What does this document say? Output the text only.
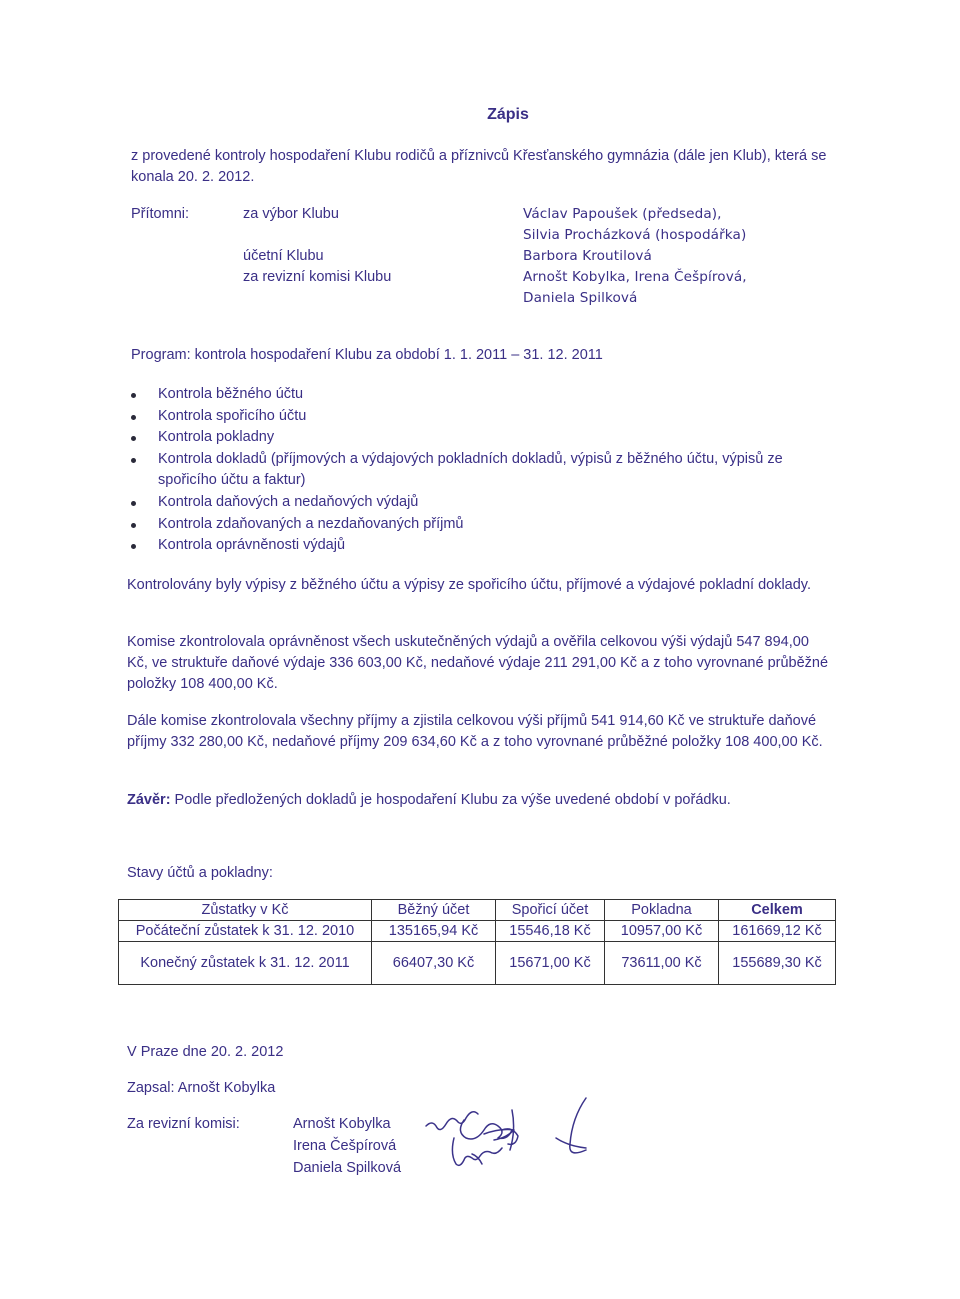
Zápis
z provedené kontroly hospodaření Klubu rodičů a příznivců Křesťanského gymnázia (dále jen Klub), která se konala 20. 2. 2012.
Přítomni:	za výbor Klubu	Václav Papoušek (předseda),
Silvia Procházková (hospodářka)
účetní Klubu	Barbora Kroutilová
za revizní komisi Klubu	Arnošt Kobylka, Irena Češpírová,
Daniela Spilková
Program: kontrola hospodaření Klubu za období 1. 1. 2011 – 31. 12. 2011
Kontrola běžného účtu
Kontrola spořicího účtu
Kontrola pokladny
Kontrola dokladů (příjmových a výdajových pokladních dokladů, výpisů z běžného účtu, výpisů ze spořicího účtu a faktur)
Kontrola daňových a nedaňových výdajů
Kontrola zdaňovaných a nezdaňovaných příjmů
Kontrola oprávněnosti výdajů
Kontrolovány byly výpisy z běžného účtu a výpisy ze spořicího účtu, příjmové a výdajové pokladní doklady.
Komise zkontrolovala oprávněnost všech uskutečněných výdajů a ověřila celkovou výši výdajů 547 894,00 Kč, ve struktuře daňové výdaje 336 603,00 Kč, nedaňové výdaje 211 291,00 Kč a z toho vyrovnané průběžné položky 108 400,00 Kč.
Dále komise zkontrolovala všechny příjmy a zjistila celkovou výši příjmů 541 914,60 Kč ve struktuře daňové příjmy 332 280,00 Kč, nedaňové příjmy 209 634,60 Kč a z toho vyrovnané průběžné položky 108 400,00 Kč.
Závěr: Podle předložených dokladů je hospodaření Klubu za výše uvedené období v pořádku.
Stavy účtů a pokladny:
Zůstatky v Kč	Běžný účet	Spořicí účet	Pokladna	Celkem
Počáteční zůstatek k 31. 12. 2010	135165,94 Kč	15546,18 Kč	10957,00 Kč	161669,12 Kč
Konečný zůstatek k 31. 12. 2011	66407,30 Kč	15671,00 Kč	73611,00 Kč	155689,30 Kč
V Praze dne 20. 2. 2012
Zapsal: Arnošt Kobylka
Za revizní komisi:	Arnošt Kobylka
Irena Češpírová
Daniela Spilková
